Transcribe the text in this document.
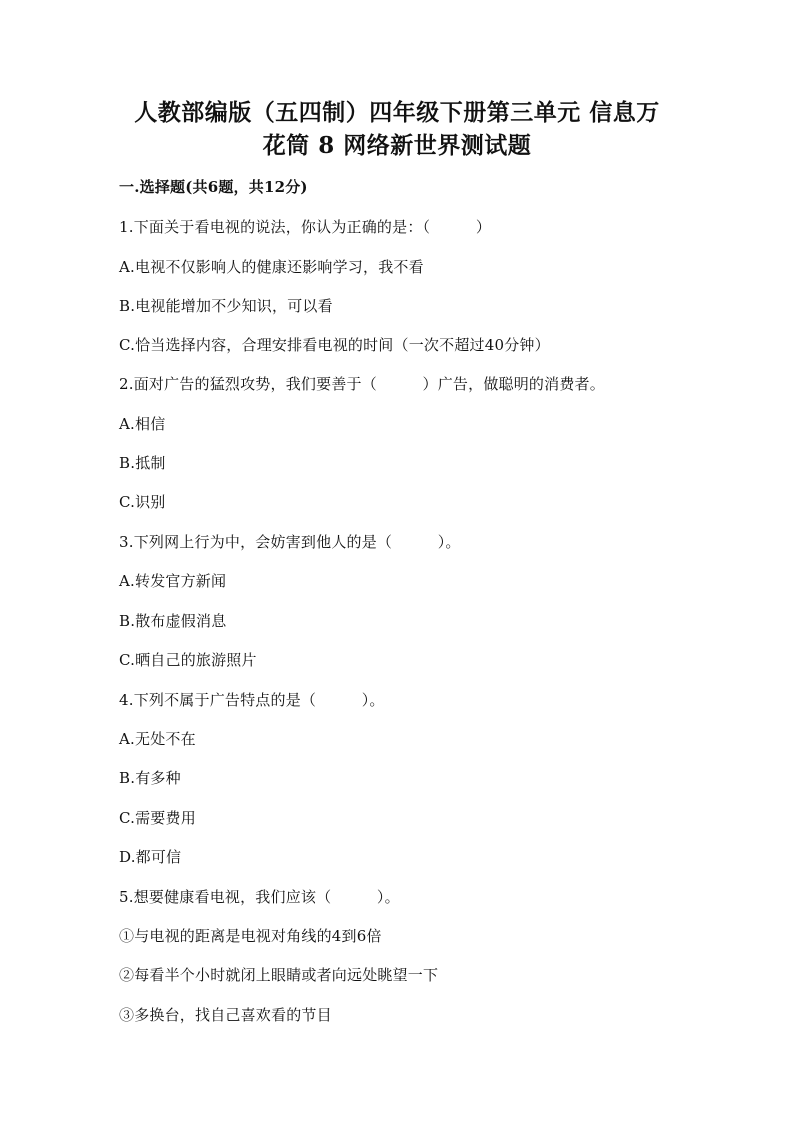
人教部编版（五四制）四年级下册第三单元 信息万
花筒 8 网络新世界测试题
一.选择题(共6题，共12分)
1.下面关于看电视的说法，你认为正确的是：（　　　）
A.电视不仅影响人的健康还影响学习，我不看
B.电视能增加不少知识，可以看
C.恰当选择内容，合理安排看电视的时间（一次不超过40分钟）
2.面对广告的猛烈攻势，我们要善于（　　　）广告，做聪明的消费者。
A.相信
B.抵制
C.识别
3.下列网上行为中，会妨害到他人的是（　　　）。
A.转发官方新闻
B.散布虚假消息
C.晒自己的旅游照片
4.下列不属于广告特点的是（　　　）。
A.无处不在
B.有多种
C.需要费用
D.都可信
5.想要健康看电视，我们应该（　　　）。
①与电视的距离是电视对角线的4到6倍
②每看半个小时就闭上眼睛或者向远处眺望一下
③多换台，找自己喜欢看的节目
